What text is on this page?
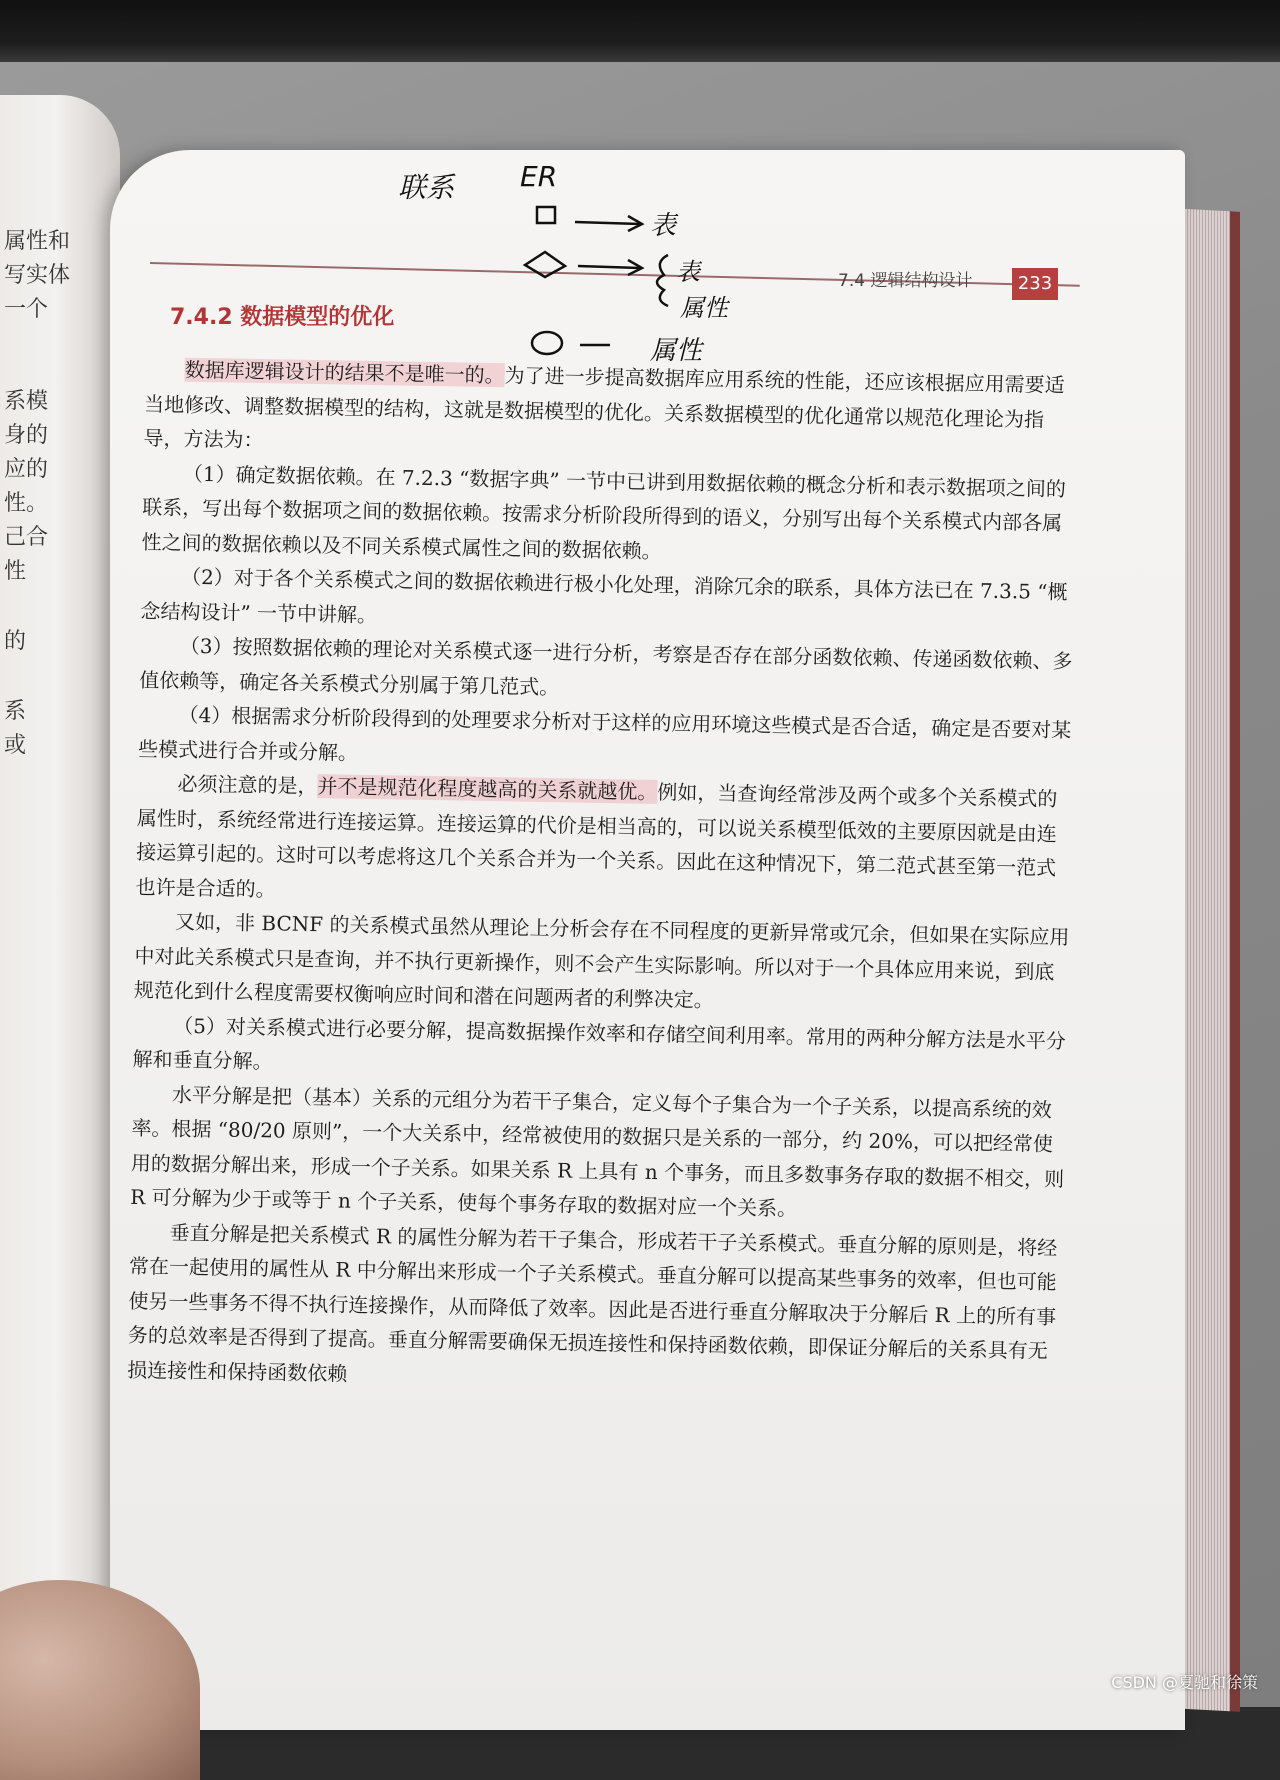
属性和
写实体
一个
系模
身的
应的
性。
己合
性
的
系
或
7.4 逻辑结构设计	233
联系 ER
表
表
属性
属性
7.4.2 数据模型的优化

数据库逻辑设计的结果不是唯一的。为了进一步提高数据库应用系统的性能，还应该根据应用需要适当地修改、调整数据模型的结构，这就是数据模型的优化。关系数据模型的优化通常以规范化理论为指导，方法为：

（1）确定数据依赖。在 7.2.3 “数据字典” 一节中已讲到用数据依赖的概念分析和表示数据项之间的联系，写出每个数据项之间的数据依赖。按需求分析阶段所得到的语义，分别写出每个关系模式内部各属性之间的数据依赖以及不同关系模式属性之间的数据依赖。

（2）对于各个关系模式之间的数据依赖进行极小化处理，消除冗余的联系，具体方法已在 7.3.5 “概念结构设计” 一节中讲解。

（3）按照数据依赖的理论对关系模式逐一进行分析，考察是否存在部分函数依赖、传递函数依赖、多值依赖等，确定各关系模式分别属于第几范式。

（4）根据需求分析阶段得到的处理要求分析对于这样的应用环境这些模式是否合适，确定是否要对某些模式进行合并或分解。

必须注意的是，并不是规范化程度越高的关系就越优。例如，当查询经常涉及两个或多个关系模式的属性时，系统经常进行连接运算。连接运算的代价是相当高的，可以说关系模型低效的主要原因就是由连接运算引起的。这时可以考虑将这几个关系合并为一个关系。因此在这种情况下，第二范式甚至第一范式也许是合适的。

又如，非 BCNF 的关系模式虽然从理论上分析会存在不同程度的更新异常或冗余，但如果在实际应用中对此关系模式只是查询，并不执行更新操作，则不会产生实际影响。所以对于一个具体应用来说，到底规范化到什么程度需要权衡响应时间和潜在问题两者的利弊决定。

（5）对关系模式进行必要分解，提高数据操作效率和存储空间利用率。常用的两种分解方法是水平分解和垂直分解。

水平分解是把（基本）关系的元组分为若干子集合，定义每个子集合为一个子关系，以提高系统的效率。根据 “80/20 原则”，一个大关系中，经常被使用的数据只是关系的一部分，约 20%，可以把经常使用的数据分解出来，形成一个子关系。如果关系 R 上具有 n 个事务，而且多数事务存取的数据不相交，则 R 可分解为少于或等于 n 个子关系，使每个事务存取的数据对应一个关系。

垂直分解是把关系模式 R 的属性分解为若干子集合，形成若干子关系模式。垂直分解的原则是，将经常在一起使用的属性从 R 中分解出来形成一个子关系模式。垂直分解可以提高某些事务的效率，但也可能使另一些事务不得不执行连接操作，从而降低了效率。因此是否进行垂直分解取决于分解后 R 上的所有事务的总效率是否得到了提高。垂直分解需要确保无损连接性和保持函数依赖，即保证分解后的关系具有无损连接性和保持函数依赖

CSDN @夏驰和徐策
